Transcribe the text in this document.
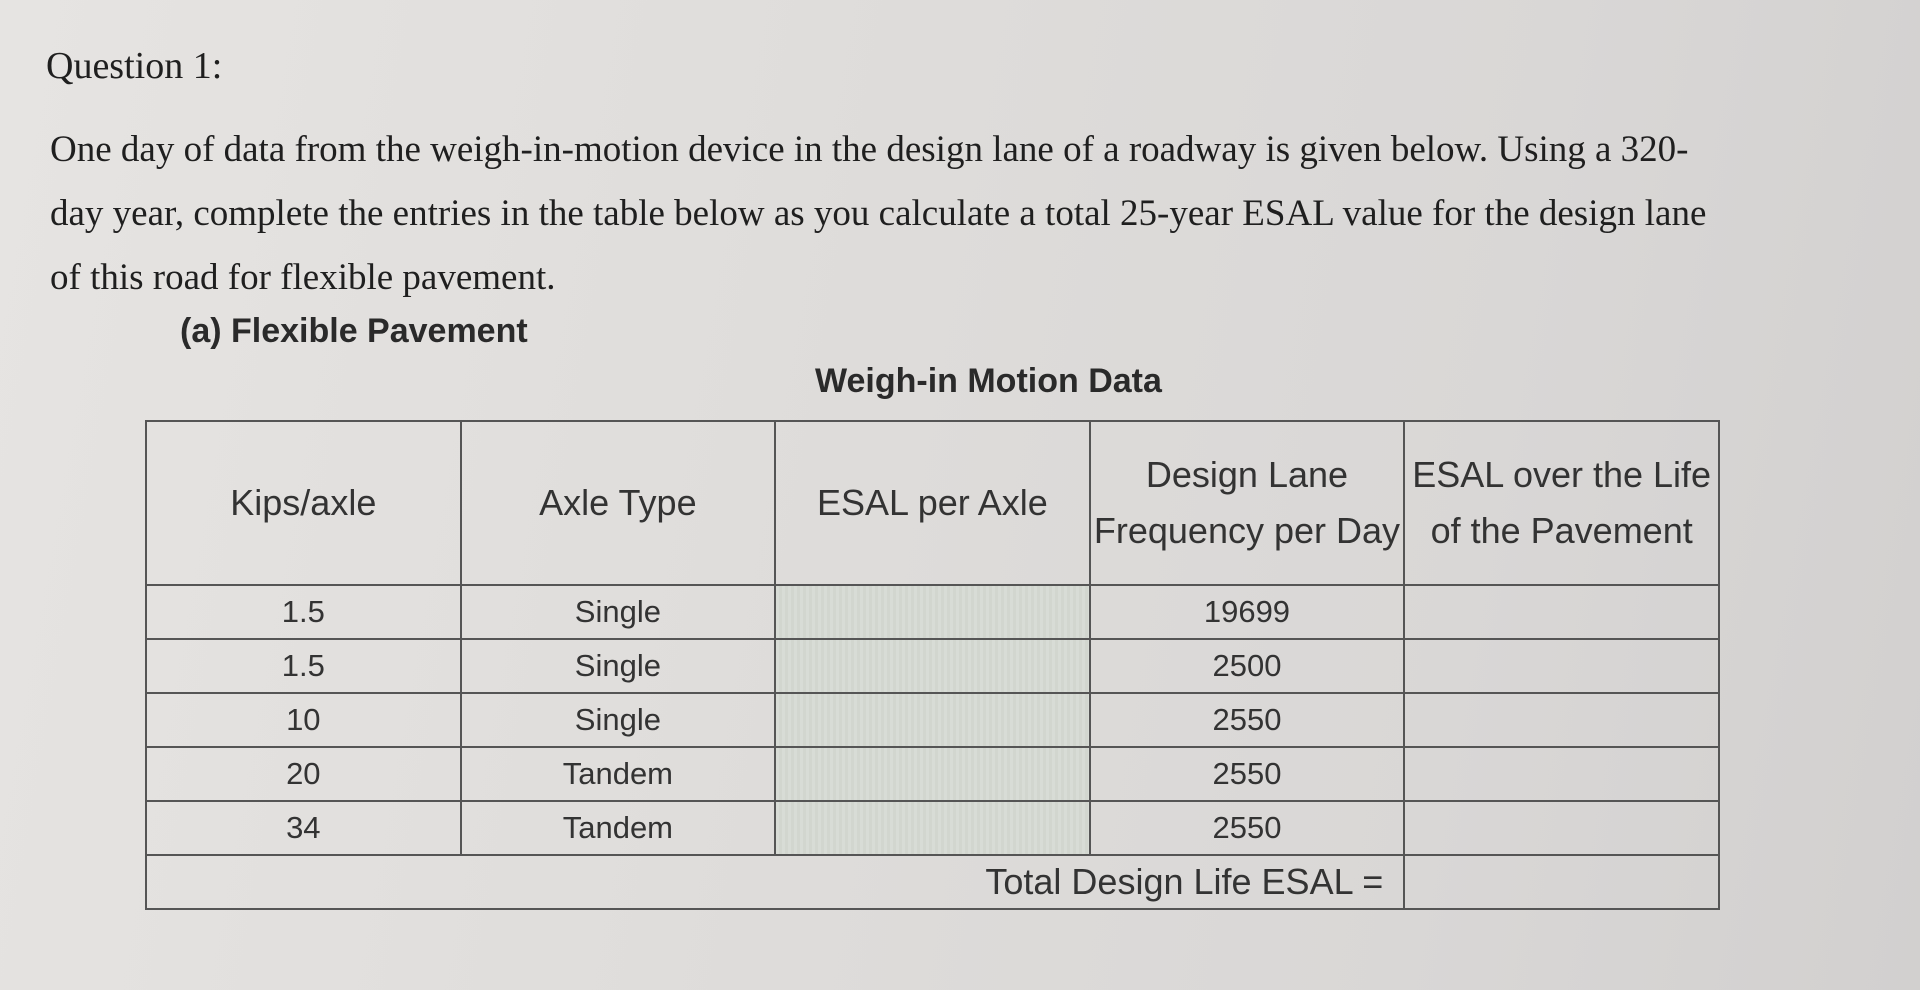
Question 1:
One day of data from the weigh-in-motion device in the design lane of a roadway is given below. Using a 320-
day year, complete the entries in the table below as you calculate a total 25-year ESAL value for the design lane
of this road for flexible pavement.
(a) Flexible Pavement
Weigh-in Motion Data
Kips/axle	Axle Type	ESAL per Axle	Design Lane Frequency per Day	ESAL over the Life of the Pavement
1.5	Single		19699	
1.5	Single		2500	
10	Single		2550	
20	Tandem		2550	
34	Tandem		2550	
Total Design Life ESAL =				
